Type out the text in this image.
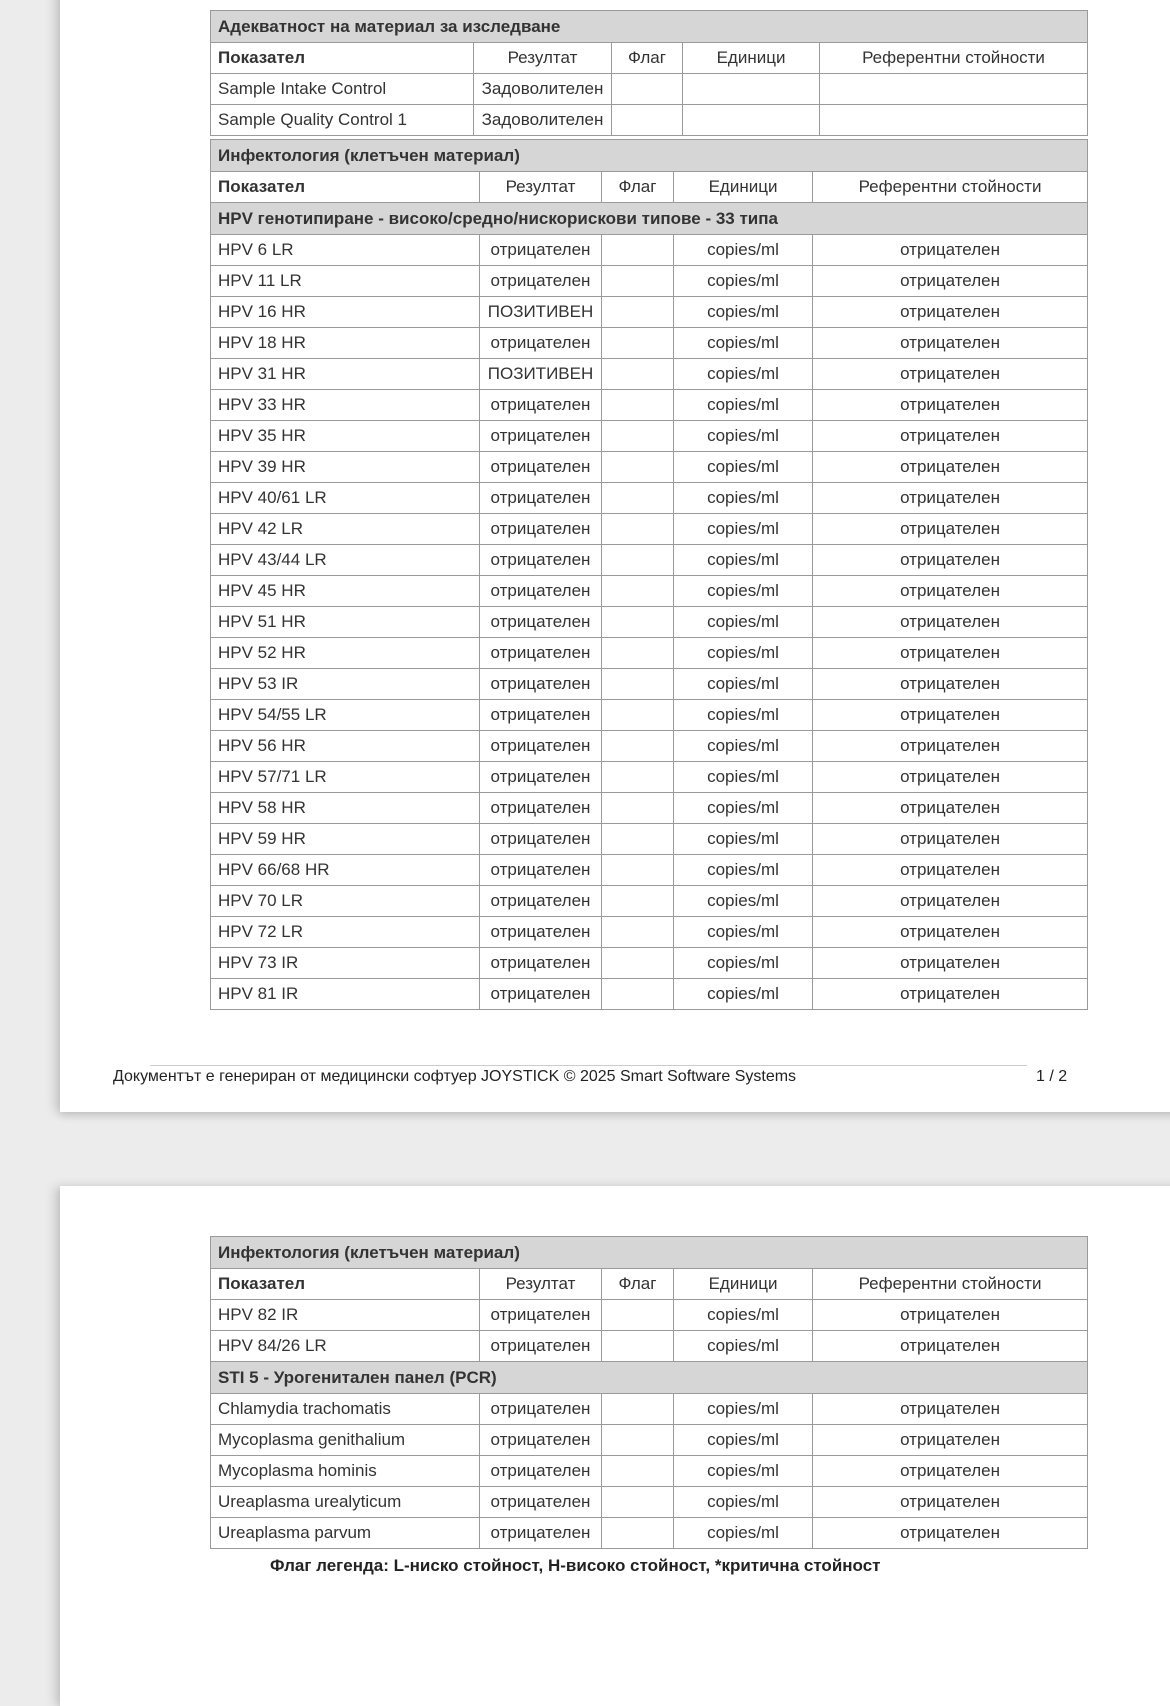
Адекватност на материал за изследване				
Показател	Резултат	Флаг	Единици	Референтни стойности
Sample Intake Control	Задоволителен			
Sample Quality Control 1	Задоволителен			
Инфектология (клетъчен материал)				
Показател	Резултат	Флаг	Единици	Референтни стойности
HPV генотипиране - високо/средно/нискорискови типове - 33 типа				
HPV 6 LR	отрицателен		copies/ml	отрицателен
HPV 11 LR	отрицателен		copies/ml	отрицателен
HPV 16 HR	ПОЗИТИВЕН		copies/ml	отрицателен
HPV 18 HR	отрицателен		copies/ml	отрицателен
HPV 31 HR	ПОЗИТИВЕН		copies/ml	отрицателен
HPV 33 HR	отрицателен		copies/ml	отрицателен
HPV 35 HR	отрицателен		copies/ml	отрицателен
HPV 39 HR	отрицателен		copies/ml	отрицателен
HPV 40/61 LR	отрицателен		copies/ml	отрицателен
HPV 42 LR	отрицателен		copies/ml	отрицателен
HPV 43/44 LR	отрицателен		copies/ml	отрицателен
HPV 45 HR	отрицателен		copies/ml	отрицателен
HPV 51 HR	отрицателен		copies/ml	отрицателен
HPV 52 HR	отрицателен		copies/ml	отрицателен
HPV 53 IR	отрицателен		copies/ml	отрицателен
HPV 54/55 LR	отрицателен		copies/ml	отрицателен
HPV 56 HR	отрицателен		copies/ml	отрицателен
HPV 57/71 LR	отрицателен		copies/ml	отрицателен
HPV 58 HR	отрицателен		copies/ml	отрицателен
HPV 59 HR	отрицателен		copies/ml	отрицателен
HPV 66/68 HR	отрицателен		copies/ml	отрицателен
HPV 70 LR	отрицателен		copies/ml	отрицателен
HPV 72 LR	отрицателен		copies/ml	отрицателен
HPV 73 IR	отрицателен		copies/ml	отрицателен
HPV 81 IR	отрицателен		copies/ml	отрицателен
Документът е генериран от медицински софтуер JOYSTICK © 2025 Smart Software Systems	1 / 2
Инфектология (клетъчен материал)				
Показател	Резултат	Флаг	Единици	Референтни стойности
HPV 82 IR	отрицателен		copies/ml	отрицателен
HPV 84/26 LR	отрицателен		copies/ml	отрицателен
STI 5 - Урогенитален панел (PCR)				
Chlamydia trachomatis	отрицателен		copies/ml	отрицателен
Mycoplasma genithalium	отрицателен		copies/ml	отрицателен
Mycoplasma hominis	отрицателен		copies/ml	отрицателен
Ureaplasma urealyticum	отрицателен		copies/ml	отрицателен
Ureaplasma parvum	отрицателен		copies/ml	отрицателен
Флаг легенда: L-ниско стойност, H-високо стойност, *критична стойност
